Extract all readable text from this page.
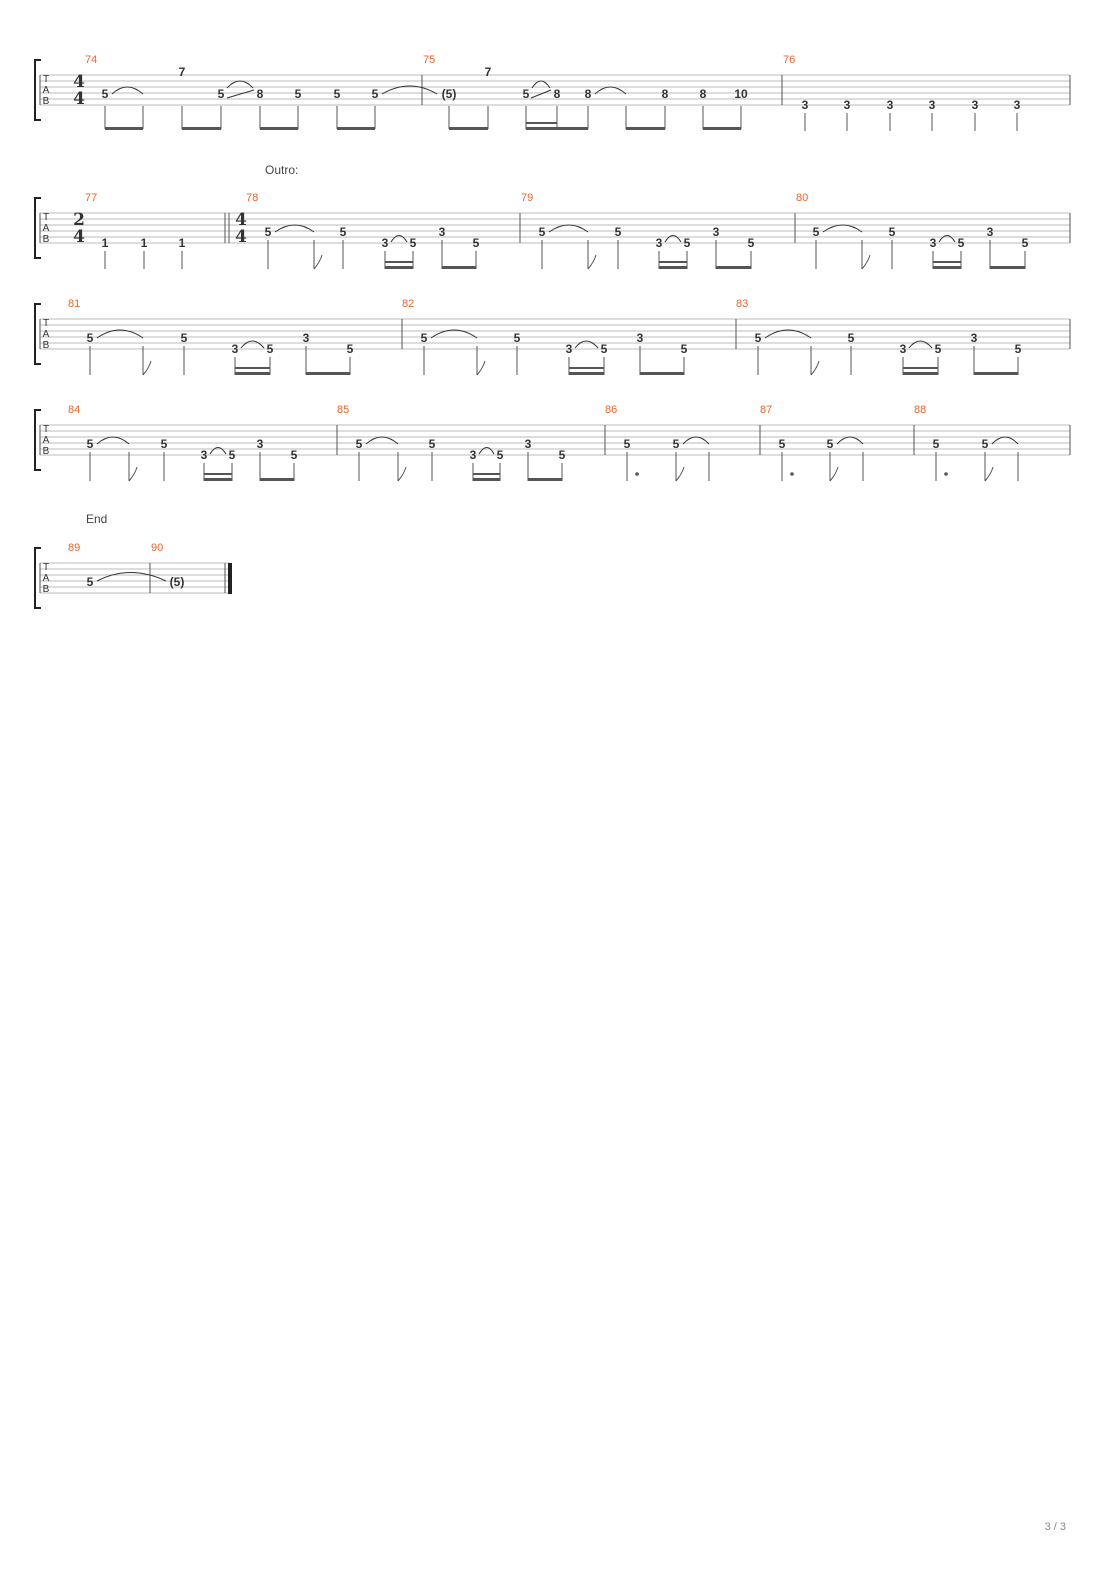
T
A
B
4
4
74	75	76
5
7
5	8	5	5	5	(5)
7
5 8 8	8	8 10
3	3	3	3	3	3
Outro:
T
A
B
2
4
4
4
77	78	79	80
1	1	1
5	5
3 5
3
5
5	5
3 5
3
5
5	5
3 5
3
5
T
A
B
81	82	83
5	5
3 5
3
5
5	5
3 5
3
5
5	5
3 5
3
5
T
A
B
84	85	86	87	88
5	5
3 5
3
5
5	5
3 5
3
5
5	5	5	5	5	5
End
T
A
B
89	90
5	(5)
3 / 3
